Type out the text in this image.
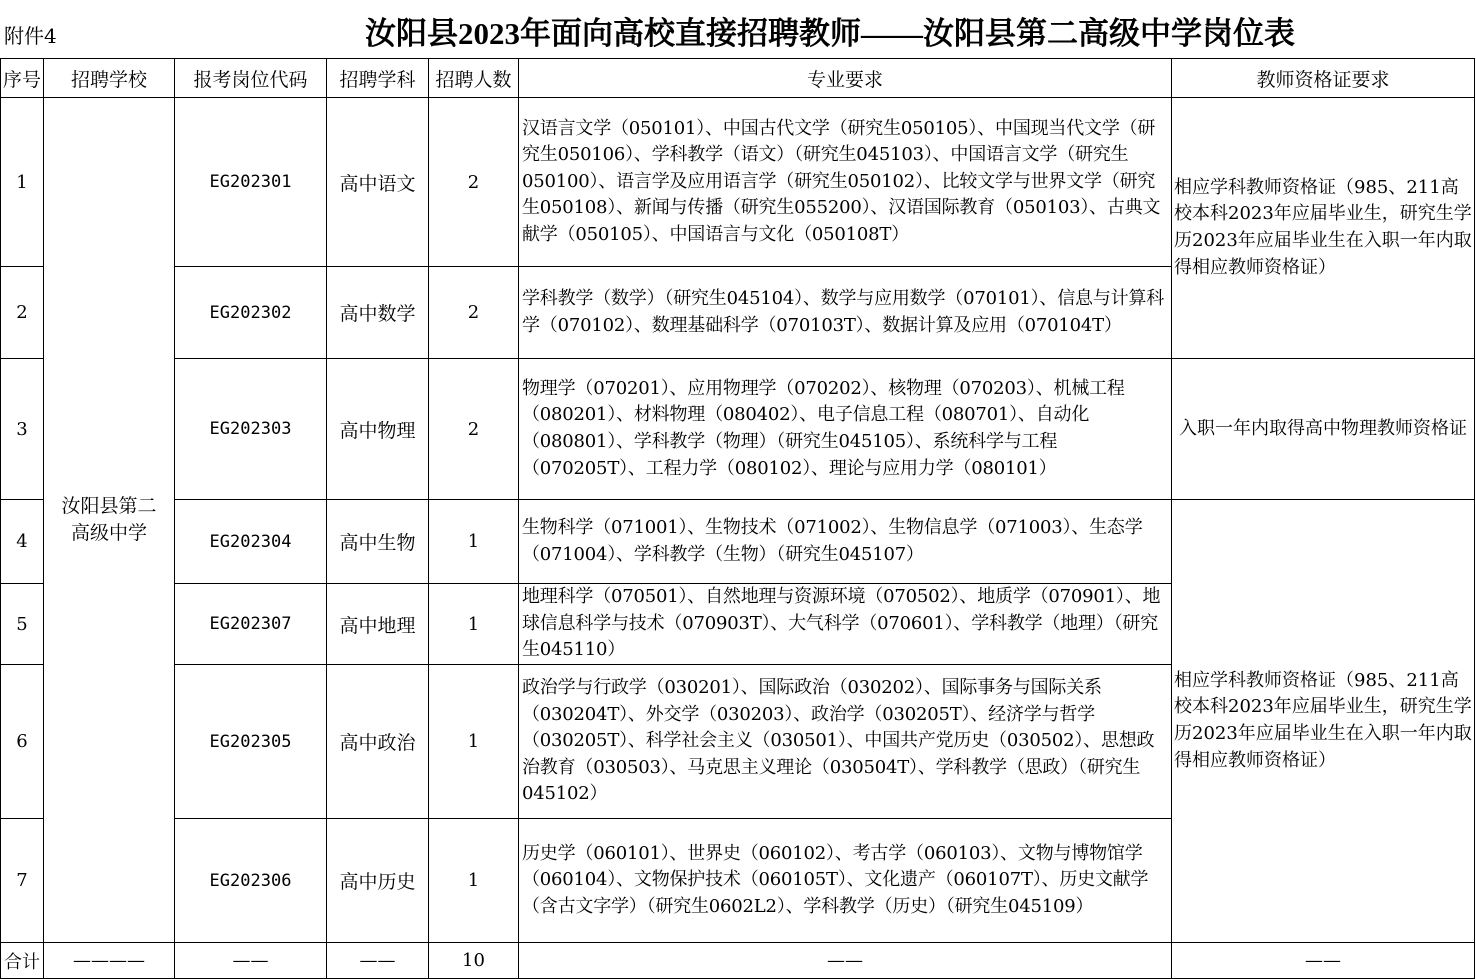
附件4	汝阳县2023年面向高校直接招聘教师——汝阳县第二高级中学岗位表
序号	招聘学校	报考岗位代码	招聘学科	招聘人数	专业要求	教师资格证要求
1	汝阳县第二高级中学	EG202301	高中语文	2	汉语言文学（050101）、中国古代文学（研究生050105）、中国现当代文学（研究生050106）、学科教学（语文）（研究生045103）、中国语言文学（研究生050100）、语言学及应用语言学（研究生050102）、比较文学与世界文学（研究生050108）、新闻与传播（研究生055200）、汉语国际教育（050103）、古典文献学（050105）、中国语言与文化（050108T）	相应学科教师资格证（985、211高校本科2023年应届毕业生，研究生学历2023年应届毕业生在入职一年内取得相应教师资格证）
2		EG202302	高中数学	2	学科教学（数学）（研究生045104）、数学与应用数学（070101）、信息与计算科学（070102）、数理基础科学（070103T）、数据计算及应用（070104T）	
3		EG202303	高中物理	2	物理学（070201）、应用物理学（070202）、核物理（070203）、机械工程（080201）、材料物理（080402）、电子信息工程（080701）、自动化（080801）、学科教学（物理）（研究生045105）、系统科学与工程（070205T）、工程力学（080102）、理论与应用力学（080101）	入职一年内取得高中物理教师资格证
4		EG202304	高中生物	1	生物科学（071001）、生物技术（071002）、生物信息学（071003）、生态学（071004）、学科教学（生物）（研究生045107）	相应学科教师资格证（985、211高校本科2023年应届毕业生，研究生学历2023年应届毕业生在入职一年内取得相应教师资格证）
5		EG202307	高中地理	1	地理科学（070501）、自然地理与资源环境（070502）、地质学（070901）、地球信息科学与技术（070903T）、大气科学（070601）、学科教学（地理）（研究生045110）	
6		EG202305	高中政治	1	政治学与行政学（030201）、国际政治（030202）、国际事务与国际关系（030204T）、外交学（030203）、政治学（030205T）、经济学与哲学（030205T）、科学社会主义（030501）、中国共产党历史（030502）、思想政治教育（030503）、马克思主义理论（030504T）、学科教学（思政）（研究生045102）	
7		EG202306	高中历史	1	历史学（060101）、世界史（060102）、考古学（060103）、文物与博物馆学（060104）、文物保护技术（060105T）、文化遗产（060107T）、历史文献学（含古文字学）（研究生0602L2）、学科教学（历史）（研究生045109）	
合计	————	——	——	10	——	——
